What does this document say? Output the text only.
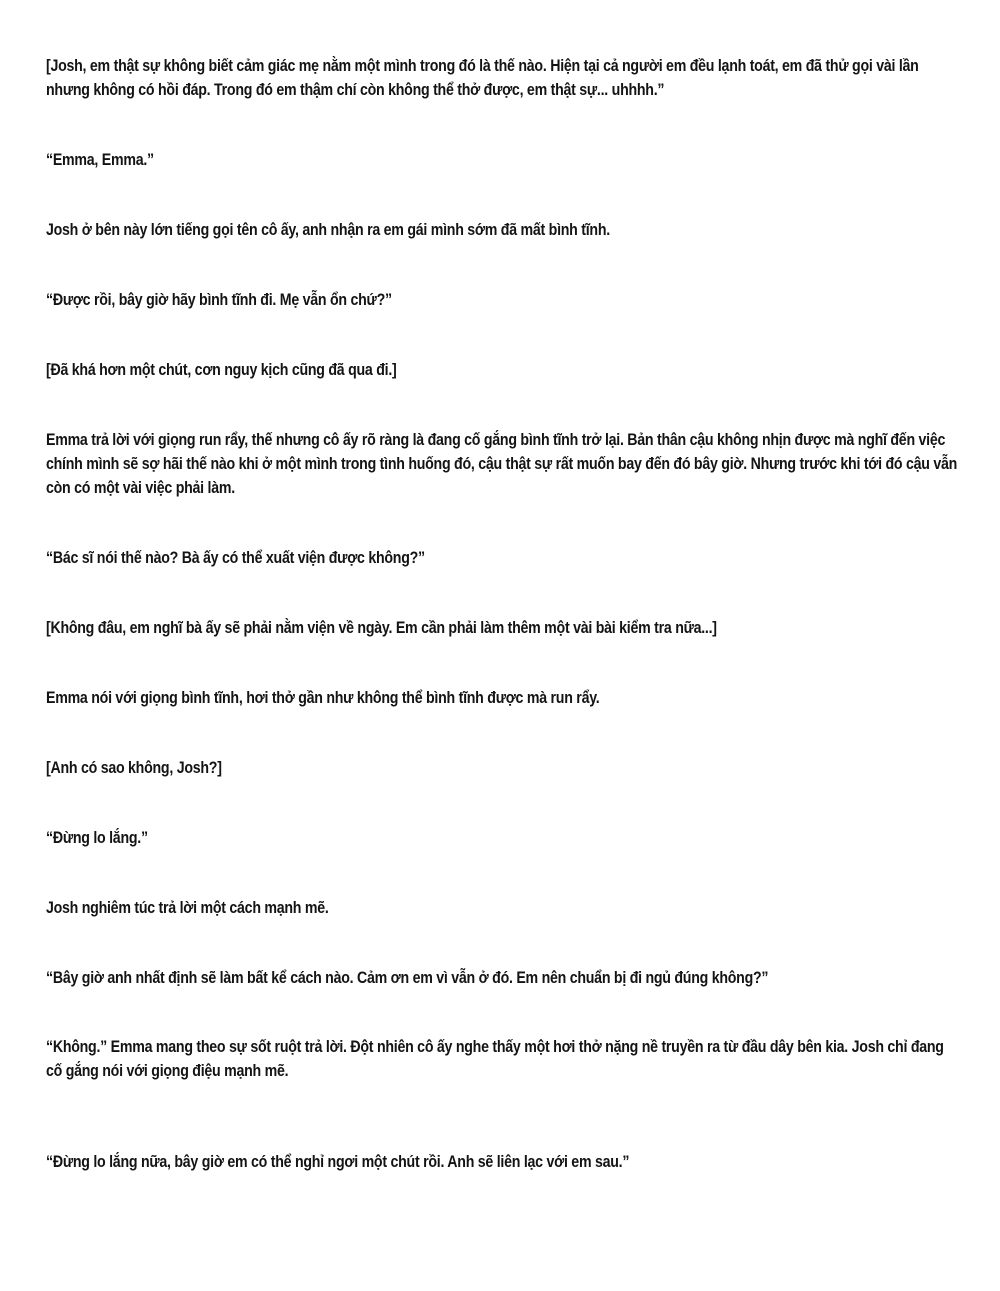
[Josh, em thật sự không biết cảm giác mẹ nằm một mình trong đó là thế nào. Hiện tại cả người em đều lạnh toát, em đã thử gọi vài lần nhưng không có hồi đáp. Trong đó em thậm chí còn không thể thở được, em thật sự... uhhhh.”

“Emma, Emma.”

Josh ở bên này lớn tiếng gọi tên cô ấy, anh nhận ra em gái mình sớm đã mất bình tĩnh.

“Được rồi, bây giờ hãy bình tĩnh đi. Mẹ vẫn ổn chứ?”

[Đã khá hơn một chút, cơn nguy kịch cũng đã qua đi.]

Emma trả lời với giọng run rẩy, thế nhưng cô ấy rõ ràng là đang cố gắng bình tĩnh trở lại. Bản thân cậu không nhịn được mà nghĩ đến việc chính mình sẽ sợ hãi thế nào khi ở một mình trong tình huống đó, cậu thật sự rất muốn bay đến đó bây giờ. Nhưng trước khi tới đó cậu vẫn còn có một vài việc phải làm.

“Bác sĩ nói thế nào? Bà ấy có thể xuất viện được không?”

[Không đâu, em nghĩ bà ấy sẽ phải nằm viện về ngày. Em cần phải làm thêm một vài bài kiểm tra nữa...]

Emma nói với giọng bình tĩnh, hơi thở gần như không thể bình tĩnh được mà run rẩy.

[Anh có sao không, Josh?]

“Đừng lo lắng.”

Josh nghiêm túc trả lời một cách mạnh mẽ.

“Bây giờ anh nhất định sẽ làm bất kể cách nào. Cảm ơn em vì vẫn ở đó. Em nên chuẩn bị đi ngủ đúng không?”

“Không.” Emma mang theo sự sốt ruột trả lời. Đột nhiên cô ấy nghe thấy một hơi thở nặng nề truyền ra từ đầu dây bên kia. Josh chỉ đang cố gắng nói với giọng điệu mạnh mẽ.

“Đừng lo lắng nữa, bây giờ em có thể nghỉ ngơi một chút rồi. Anh sẽ liên lạc với em sau.”
